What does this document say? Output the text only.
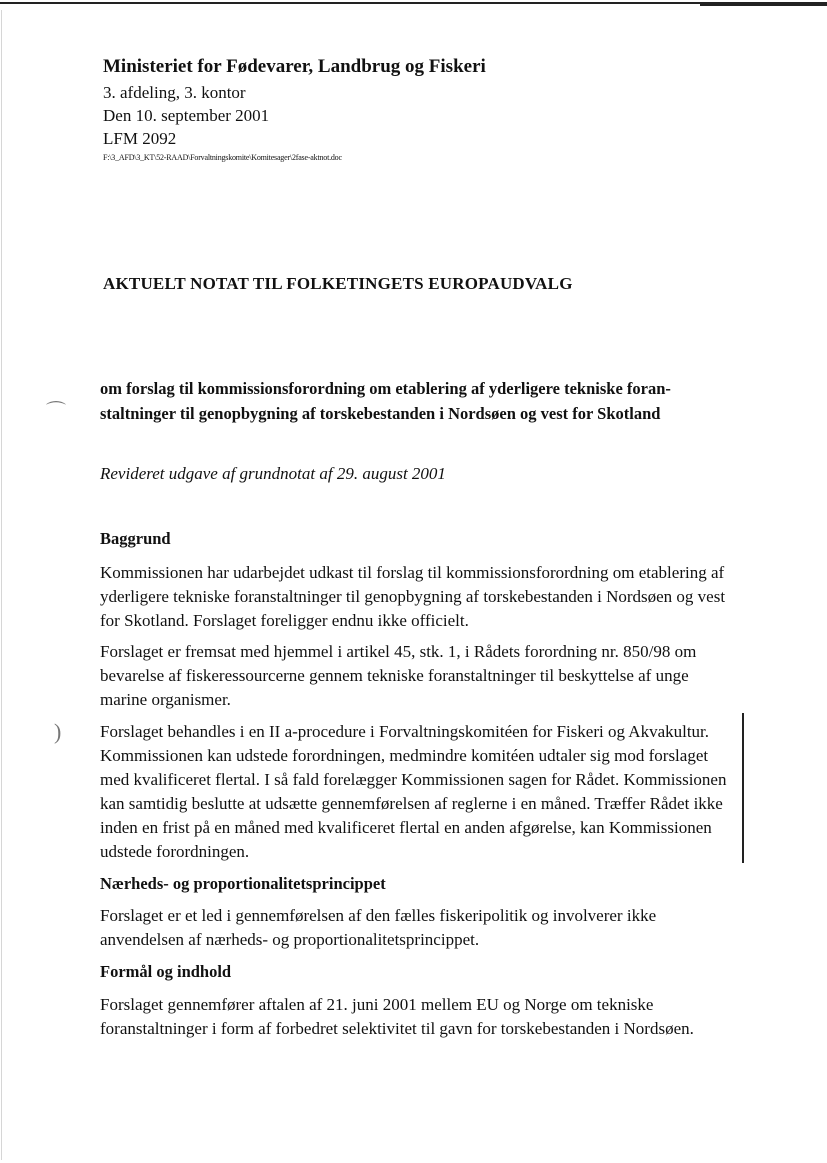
⌒
)
Ministeriet for Fødevarer, Landbrug og Fiskeri
3. afdeling, 3. kontor
Den 10. september 2001
LFM 2092
F:\3_AFD\3_KT\52-RAAD\Forvaltningskomite\Komitesager\2fase-aktnot.doc
AKTUELT NOTAT TIL FOLKETINGETS EUROPAUDVALG
om forslag til kommissionsforordning om etablering af yderligere tekniske foran-
staltninger til genopbygning af torskebestanden i Nordsøen og vest for Skotland
Revideret udgave af grundnotat af 29. august 2001
Baggrund

Kommissionen har udarbejdet udkast til forslag til kommissionsforordning om etablering af yderligere tekniske foranstaltninger til genopbygning af torskebestanden i Nordsøen og vest for Skotland. Forslaget foreligger endnu ikke officielt.

Forslaget er fremsat med hjemmel i artikel 45, stk. 1, i Rådets forordning nr. 850/98 om bevarelse af fiskeressourcerne gennem tekniske foranstaltninger til beskyttelse af unge marine organismer.

Forslaget behandles i en II a-procedure i Forvaltningskomitéen for Fiskeri og Akvakultur. Kommissionen kan udstede forordningen, medmindre komitéen udtaler sig mod forslaget med kvalificeret flertal. I så fald forelægger Kommissionen sagen for Rådet. Kommissionen kan samtidig beslutte at udsætte gennemførelsen af reglerne i en måned. Træffer Rådet ikke inden en frist på en måned med kvalificeret flertal en anden afgørelse, kan Kommissionen udstede forordningen.

Nærheds- og proportionalitetsprincippet

Forslaget er et led i gennemførelsen af den fælles fiskeripolitik og involverer ikke anvendelsen af nærheds- og proportionalitetsprincippet.

Formål og indhold

Forslaget gennemfører aftalen af 21. juni 2001 mellem EU og Norge om tekniske foranstaltninger i form af forbedret selektivitet til gavn for torskebestanden i Nordsøen.
